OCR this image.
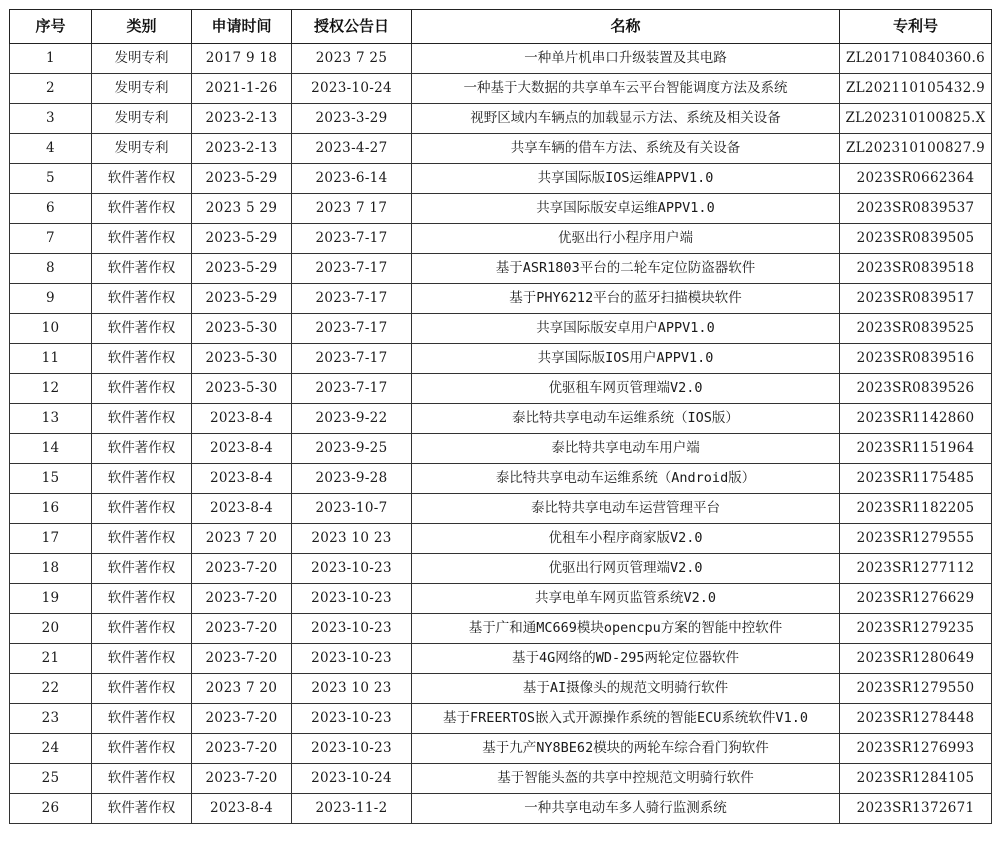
序号	类别	申请时间	授权公告日	名称	专利号
1	发明专利	2017 9 18	2023 7 25	一种单片机串口升级装置及其电路	ZL201710840360.6
2	发明专利	2021-1-26	2023-10-24	一种基于大数据的共享单车云平台智能调度方法及系统	ZL202110105432.9
3	发明专利	2023-2-13	2023-3-29	视野区域内车辆点的加载显示方法、系统及相关设备	ZL202310100825.X
4	发明专利	2023-2-13	2023-4-27	共享车辆的借车方法、系统及有关设备	ZL202310100827.9
5	软件著作权	2023-5-29	2023-6-14	共享国际版IOS运维APPV1.0	2023SR0662364
6	软件著作权	2023 5 29	2023 7 17	共享国际版安卓运维APPV1.0	2023SR0839537
7	软件著作权	2023-5-29	2023-7-17	优驱出行小程序用户端	2023SR0839505
8	软件著作权	2023-5-29	2023-7-17	基于ASR1803平台的二轮车定位防盗器软件	2023SR0839518
9	软件著作权	2023-5-29	2023-7-17	基于PHY6212平台的蓝牙扫描模块软件	2023SR0839517
10	软件著作权	2023-5-30	2023-7-17	共享国际版安卓用户APPV1.0	2023SR0839525
11	软件著作权	2023-5-30	2023-7-17	共享国际版IOS用户APPV1.0	2023SR0839516
12	软件著作权	2023-5-30	2023-7-17	优驱租车网页管理端V2.0	2023SR0839526
13	软件著作权	2023-8-4	2023-9-22	泰比特共享电动车运维系统（IOS版）	2023SR1142860
14	软件著作权	2023-8-4	2023-9-25	泰比特共享电动车用户端	2023SR1151964
15	软件著作权	2023-8-4	2023-9-28	泰比特共享电动车运维系统（Android版）	2023SR1175485
16	软件著作权	2023-8-4	2023-10-7	泰比特共享电动车运营管理平台	2023SR1182205
17	软件著作权	2023 7 20	2023 10 23	优租车小程序商家版V2.0	2023SR1279555
18	软件著作权	2023-7-20	2023-10-23	优驱出行网页管理端V2.0	2023SR1277112
19	软件著作权	2023-7-20	2023-10-23	共享电单车网页监管系统V2.0	2023SR1276629
20	软件著作权	2023-7-20	2023-10-23	基于广和通MC669模块opencpu方案的智能中控软件	2023SR1279235
21	软件著作权	2023-7-20	2023-10-23	基于4G网络的WD-295两轮定位器软件	2023SR1280649
22	软件著作权	2023 7 20	2023 10 23	基于AI摄像头的规范文明骑行软件	2023SR1279550
23	软件著作权	2023-7-20	2023-10-23	基于FREERTOS嵌入式开源操作系统的智能ECU系统软件V1.0	2023SR1278448
24	软件著作权	2023-7-20	2023-10-23	基于九产NY8BE62模块的两轮车综合看门狗软件	2023SR1276993
25	软件著作权	2023-7-20	2023-10-24	基于智能头盔的共享中控规范文明骑行软件	2023SR1284105
26	软件著作权	2023-8-4	2023-11-2	一种共享电动车多人骑行监测系统	2023SR1372671
